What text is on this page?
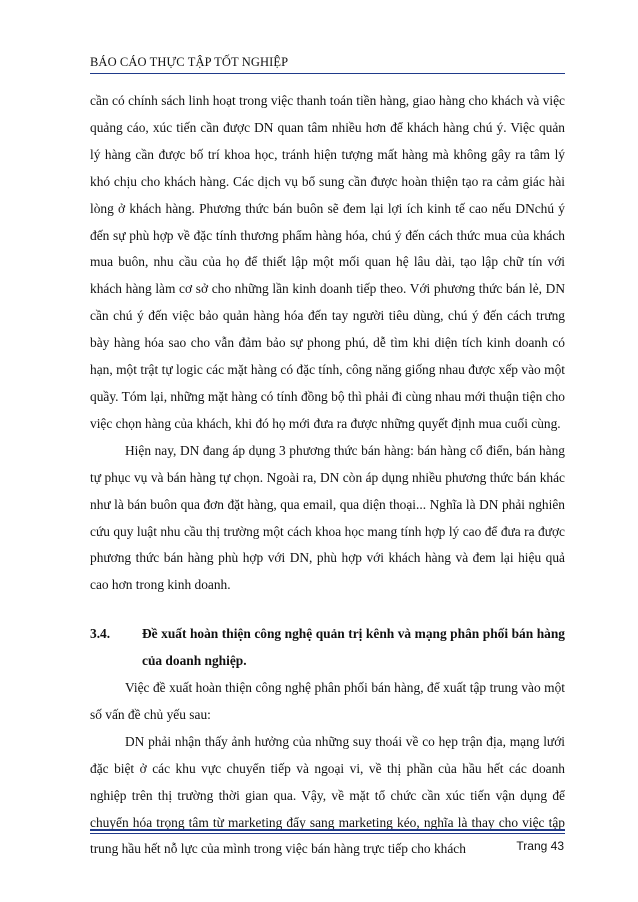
BÁO CÁO THỰC TẬP TỐT NGHIỆP

cần có chính sách linh hoạt trong việc thanh toán tiền hàng, giao hàng cho khách và việc quảng cáo, xúc tiến cần được DN quan tâm nhiều hơn để khách hàng chú ý. Việc quản lý hàng cần được bố trí khoa học, tránh hiện tượng mất hàng mà không gây ra tâm lý khó chịu cho khách hàng. Các dịch vụ bổ sung cần được hoàn thiện tạo ra cảm giác hài lòng ở khách hàng. Phương thức bán buôn sẽ đem lại lợi ích kinh tế cao nếu DNchú ý đến sự phù hợp về đặc tính thương phẩm hàng hóa, chú ý đến cách thức mua của khách mua buôn, nhu cầu của họ để thiết lập một mối quan hệ lâu dài, tạo lập chữ tín với khách hàng làm cơ sở cho những lần kinh doanh tiếp theo. Với phương thức bán lẻ, DN cần chú ý đến việc bảo quản hàng hóa đến tay người tiêu dùng, chú ý đến cách trưng bày hàng hóa sao cho vẫn đảm bảo sự phong phú, dễ tìm khi diện tích kinh doanh có hạn, một trật tự logic các mặt hàng có đặc tính, công năng giống nhau được xếp vào một quầy. Tóm lại, những mặt hàng có tính đồng bộ thì phải đi cùng nhau mới thuận tiện cho việc chọn hàng của khách, khi đó họ mới đưa ra được những quyết định mua cuối cùng.

Hiện nay, DN đang áp dụng 3 phương thức bán hàng: bán hàng cổ điển, bán hàng tự phục vụ và bán hàng tự chọn. Ngoài ra, DN còn áp dụng nhiều phương thức bán khác như là bán buôn qua đơn đặt hàng, qua email, qua diện thoại... Nghĩa là DN phải nghiên cứu quy luật nhu cầu thị trường một cách khoa học mang tính hợp lý cao để đưa ra được phương thức bán hàng phù hợp với DN, phù hợp với khách hàng và đem lại hiệu quả cao hơn trong kinh doanh.

3.4.	Đề xuất hoàn thiện công nghệ quản trị kênh và mạng phân phối bán hàng của doanh nghiệp.

Việc đề xuất hoàn thiện công nghệ phân phối bán hàng, để xuất tập trung vào một số vấn đề chủ yếu sau:

DN phải nhận thấy ảnh hưởng của những suy thoái về co hẹp trận địa, mạng lưới đặc biệt ở các khu vực chuyển tiếp và ngoại vi, về thị phần của hầu hết các doanh nghiệp trên thị trường thời gian qua. Vậy, về mặt tổ chức cần xúc tiến vận dụng để chuyển hóa trọng tâm từ marketing đẩy sang marketing kéo, nghĩa là thay cho việc tập trung hầu hết nỗ lực của mình trong việc bán hàng trực tiếp cho khách	Trang 43
